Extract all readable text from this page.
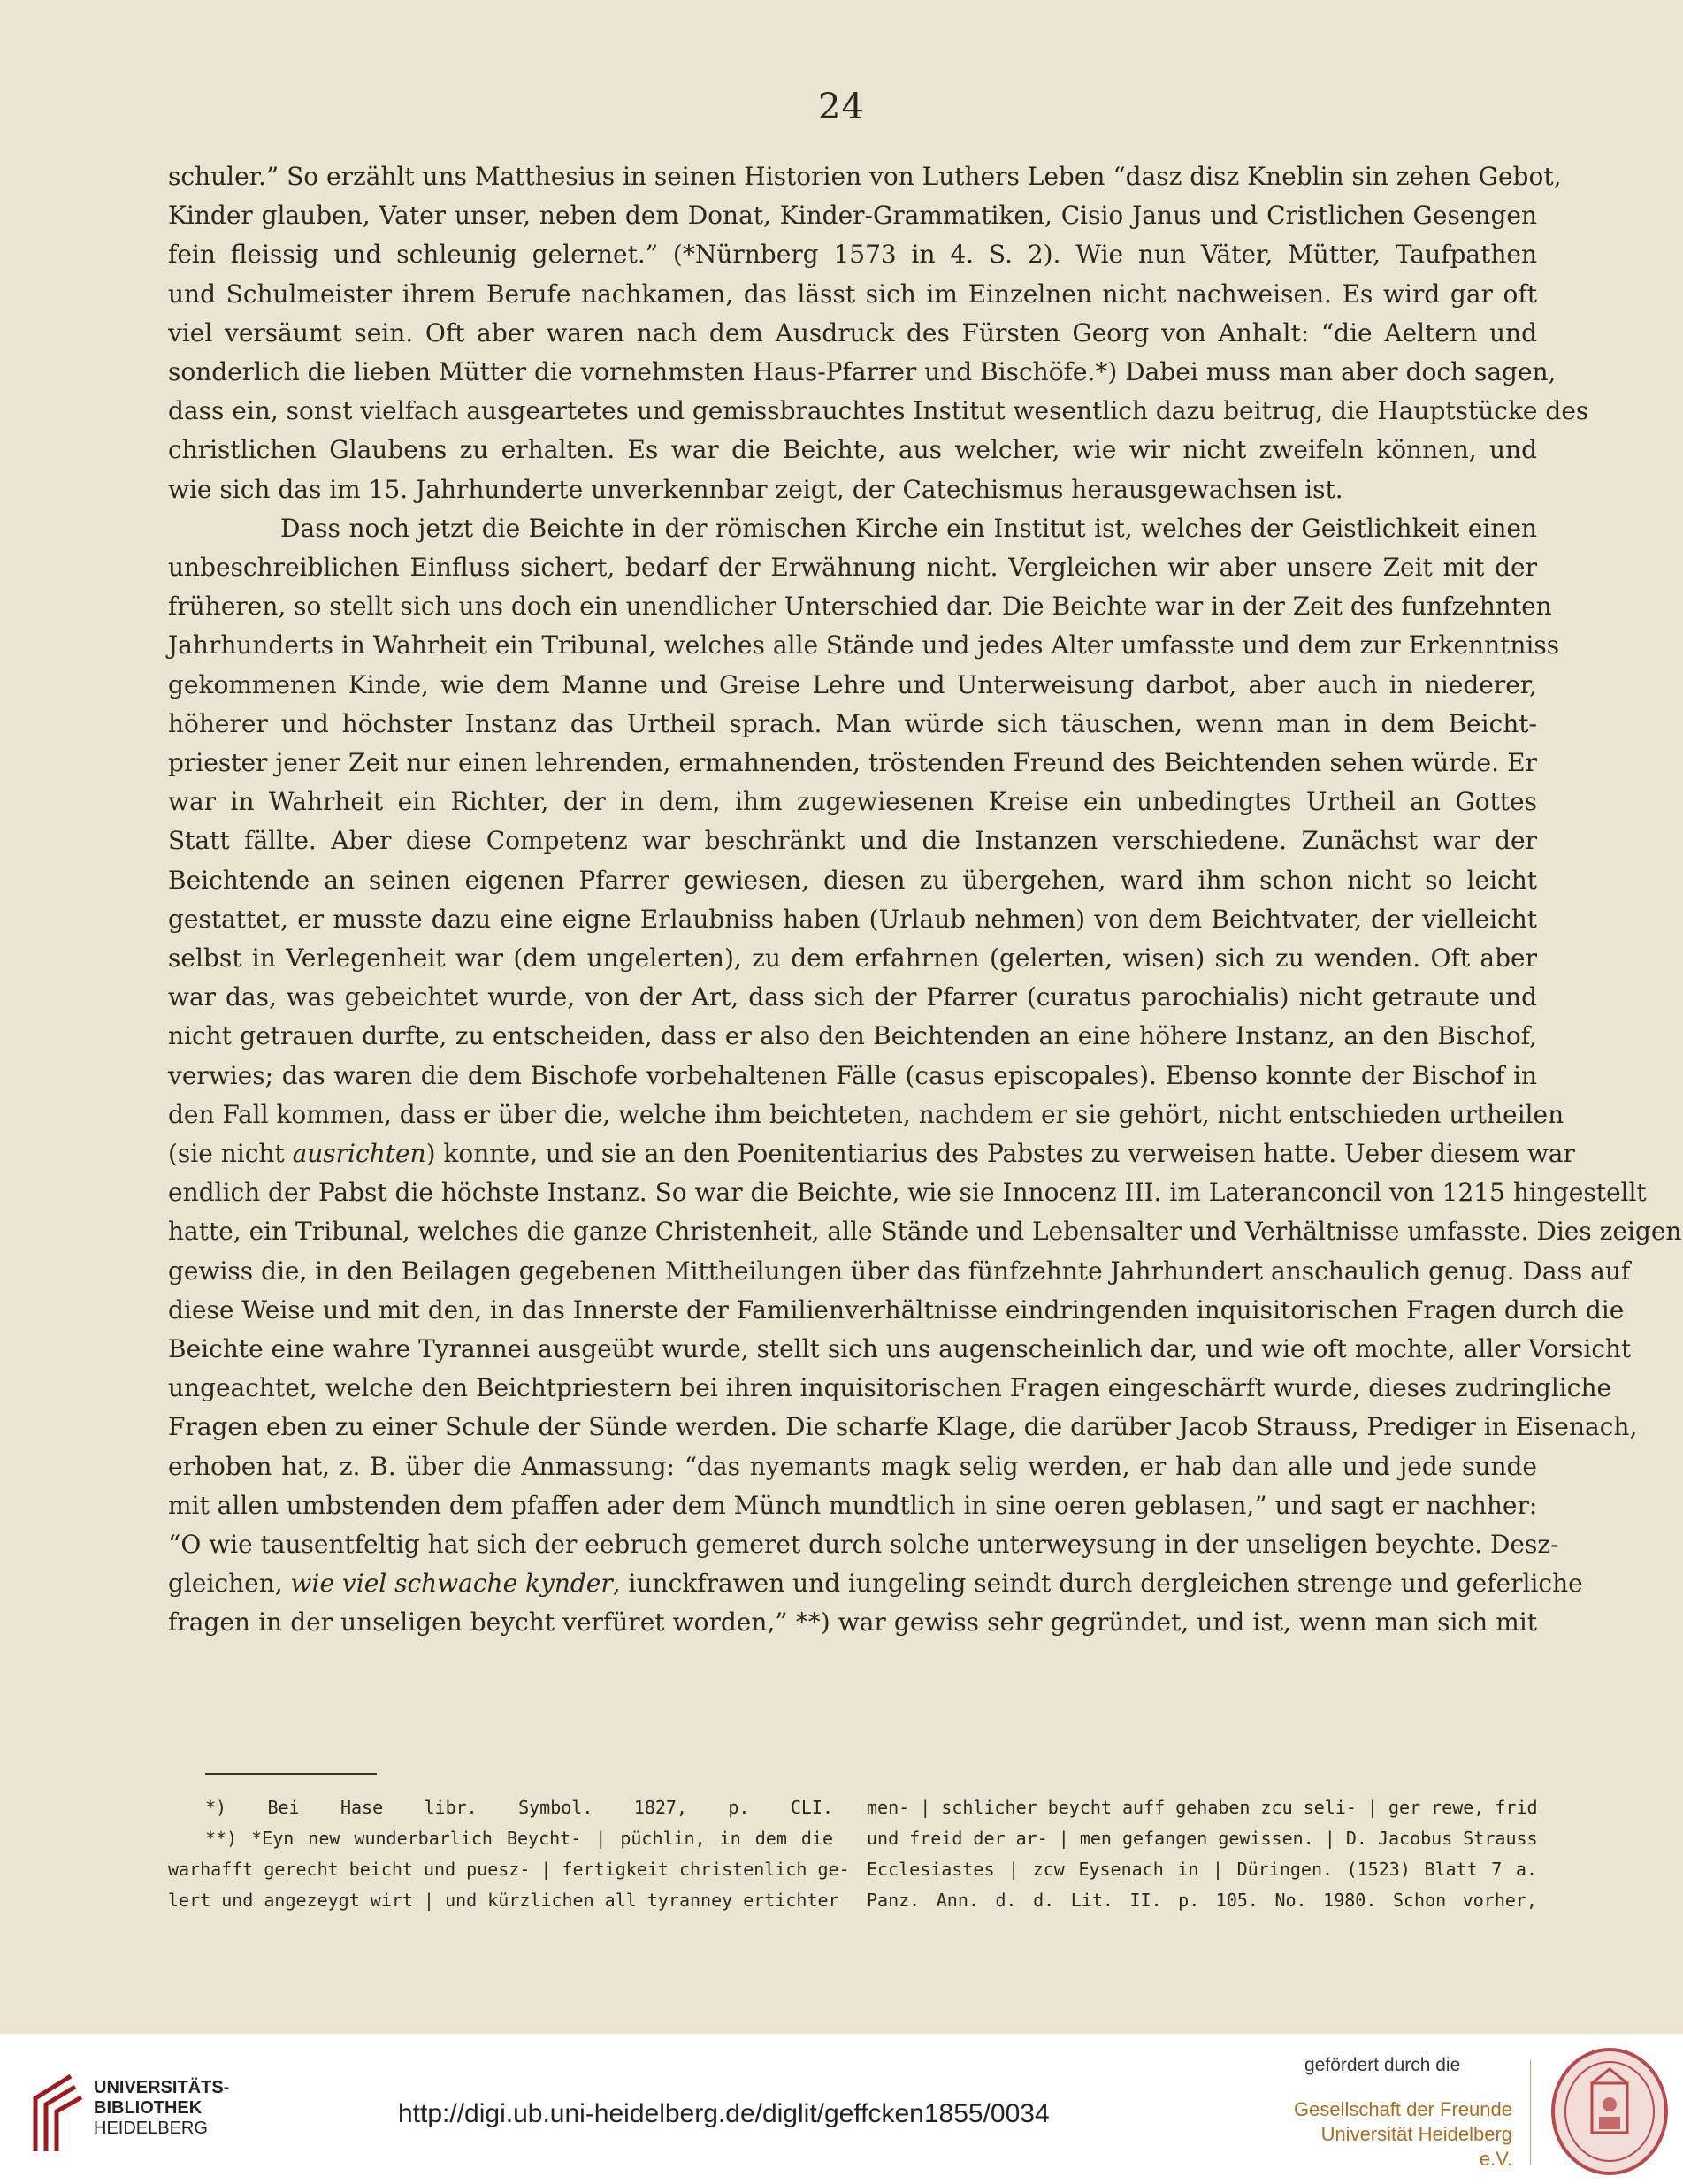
24
schuler.” So erzählt uns Matthesius in seinen Historien von Luthers Leben “dasz disz Kneblin sin zehen Gebot,
Kinder glauben, Vater unser, neben dem Donat, Kinder-Grammatiken, Cisio Janus und Cristlichen Gesengen
fein fleissig und schleunig gelernet.” (*Nürnberg 1573 in 4. S. 2). Wie nun Väter, Mütter, Taufpathen
und Schulmeister ihrem Berufe nachkamen, das lässt sich im Einzelnen nicht nachweisen. Es wird gar oft
viel versäumt sein. Oft aber waren nach dem Ausdruck des Fürsten Georg von Anhalt: “die Aeltern und
sonderlich die lieben Mütter die vornehmsten Haus-Pfarrer und Bischöfe.*) Dabei muss man aber doch sagen,
dass ein, sonst vielfach ausgeartetes und gemissbrauchtes Institut wesentlich dazu beitrug, die Hauptstücke des
christlichen Glaubens zu erhalten. Es war die Beichte, aus welcher, wie wir nicht zweifeln können, und
wie sich das im 15. Jahrhunderte unverkennbar zeigt, der Catechismus herausgewachsen ist.
Dass noch jetzt die Beichte in der römischen Kirche ein Institut ist, welches der Geistlichkeit einen
unbeschreiblichen Einfluss sichert, bedarf der Erwähnung nicht. Vergleichen wir aber unsere Zeit mit der
früheren, so stellt sich uns doch ein unendlicher Unterschied dar. Die Beichte war in der Zeit des funfzehnten
Jahrhunderts in Wahrheit ein Tribunal, welches alle Stände und jedes Alter umfasste und dem zur Erkenntniss
gekommenen Kinde, wie dem Manne und Greise Lehre und Unterweisung darbot, aber auch in niederer,
höherer und höchster Instanz das Urtheil sprach. Man würde sich täuschen, wenn man in dem Beicht-
priester jener Zeit nur einen lehrenden, ermahnenden, tröstenden Freund des Beichtenden sehen würde. Er
war in Wahrheit ein Richter, der in dem, ihm zugewiesenen Kreise ein unbedingtes Urtheil an Gottes
Statt fällte. Aber diese Competenz war beschränkt und die Instanzen verschiedene. Zunächst war der
Beichtende an seinen eigenen Pfarrer gewiesen, diesen zu übergehen, ward ihm schon nicht so leicht
gestattet, er musste dazu eine eigne Erlaubniss haben (Urlaub nehmen) von dem Beichtvater, der vielleicht
selbst in Verlegenheit war (dem ungelerten), zu dem erfahrnen (gelerten, wisen) sich zu wenden. Oft aber
war das, was gebeichtet wurde, von der Art, dass sich der Pfarrer (curatus parochialis) nicht getraute und
nicht getrauen durfte, zu entscheiden, dass er also den Beichtenden an eine höhere Instanz, an den Bischof,
verwies; das waren die dem Bischofe vorbehaltenen Fälle (casus episcopales). Ebenso konnte der Bischof in
den Fall kommen, dass er über die, welche ihm beichteten, nachdem er sie gehört, nicht entschieden urtheilen
(sie nicht ausrichten) konnte, und sie an den Poenitentiarius des Pabstes zu verweisen hatte. Ueber diesem war
endlich der Pabst die höchste Instanz. So war die Beichte, wie sie Innocenz III. im Lateranconcil von 1215 hingestellt
hatte, ein Tribunal, welches die ganze Christenheit, alle Stände und Lebensalter und Verhältnisse umfasste. Dies zeigen
gewiss die, in den Beilagen gegebenen Mittheilungen über das fünfzehnte Jahrhundert anschaulich genug. Dass auf
diese Weise und mit den, in das Innerste der Familienverhältnisse eindringenden inquisitorischen Fragen durch die
Beichte eine wahre Tyrannei ausgeübt wurde, stellt sich uns augenscheinlich dar, und wie oft mochte, aller Vorsicht
ungeachtet, welche den Beichtpriestern bei ihren inquisitorischen Fragen eingeschärft wurde, dieses zudringliche
Fragen eben zu einer Schule der Sünde werden. Die scharfe Klage, die darüber Jacob Strauss, Prediger in Eisenach,
erhoben hat, z. B. über die Anmassung: “das nyemants magk selig werden, er hab dan alle und jede sunde
mit allen umbstenden dem pfaffen ader dem Münch mundtlich in sine oeren geblasen,” und sagt er nachher:
“O wie tausentfeltig hat sich der eebruch gemeret durch solche unterweysung in der unseligen beychte. Desz-
gleichen, wie viel schwache kynder, iunckfrawen und iungeling seindt durch dergleichen strenge und geferliche
fragen in der unseligen beycht verfüret worden,” **) war gewiss sehr gegründet, und ist, wenn man sich mit
*) Bei Hase libr. Symbol. 1827, p. CLI.
**) *Eyn new wunderbarlich Beycht- | püchlin, in dem die
warhafft gerecht beicht und puesz- | fertigkeit christenlich ge-
lert und angezeygt wirt | und kürzlichen all tyranney ertichter
men- | schlicher beycht auff gehaben zcu seli- | ger rewe, frid
und freid der ar- | men gefangen gewissen. | D. Jacobus Strauss
Ecclesiastes | zcw Eysenach in | Düringen. (1523) Blatt 7 a.
Panz. Ann. d. d. Lit. II. p. 105. No. 1980. Schon vorher,
UNIVERSITÄTS-
BIBLIOTHEK
HEIDELBERG	http://digi.ub.uni-heidelberg.de/diglit/geffcken1855/0034
gefördert durch die
Gesellschaft der Freunde
Universität Heidelberg e.V.
